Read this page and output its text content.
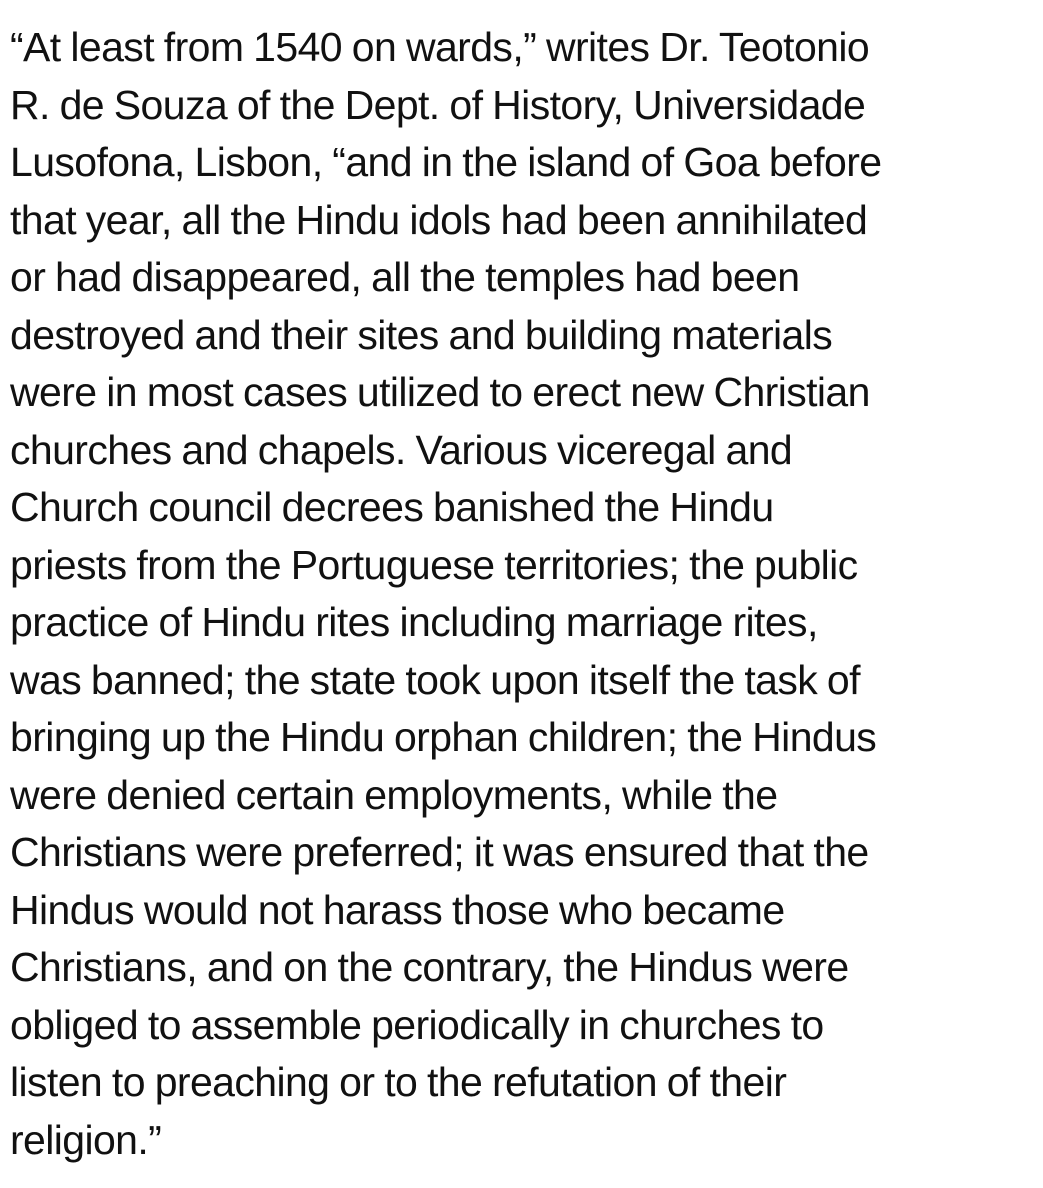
“At least from 1540 on wards,” writes Dr. Teotonio
R. de Souza of the Dept. of History, Universidade
Lusofona, Lisbon, “and in the island of Goa before
that year, all the Hindu idols had been annihilated
or had disappeared, all the temples had been
destroyed and their sites and building materials
were in most cases utilized to erect new Christian
churches and chapels. Various viceregal and
Church council decrees banished the Hindu
priests from the Portuguese territories; the public
practice of Hindu rites including marriage rites,
was banned; the state took upon itself the task of
bringing up the Hindu orphan children; the Hindus
were denied certain employments, while the
Christians were preferred; it was ensured that the
Hindus would not harass those who became
Christians, and on the contrary, the Hindus were
obliged to assemble periodically in churches to
listen to preaching or to the refutation of their
religion.”
